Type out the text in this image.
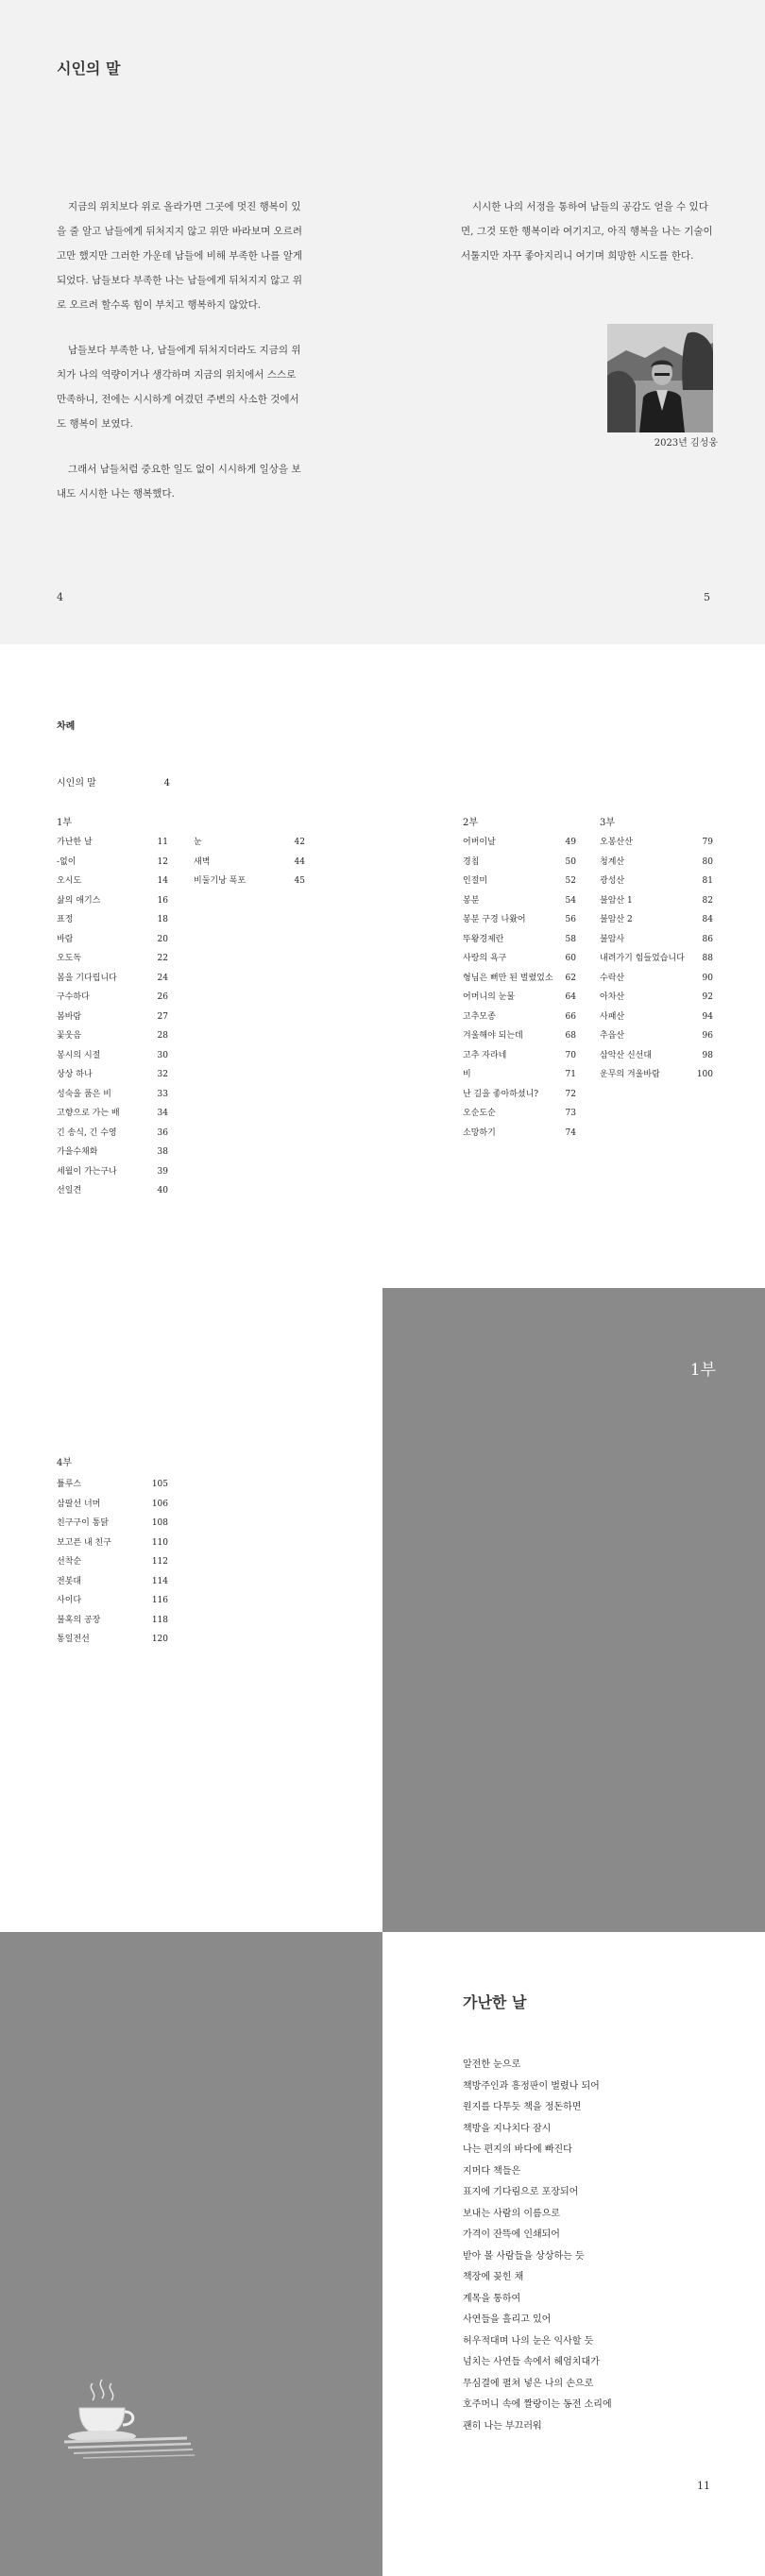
시인의 말

지금의 위치보다 위로 올라가면 그곳에 멋진 행복이 있을 줄 알고 남들에게 뒤처지지 않고 위만 바라보며 오르려고만 했지만 그러한 가운데 남들에 비해 부족한 나를 알게 되었다. 남들보다 부족한 나는 남들에게 뒤처지지 않고 위로 오르려 할수록 힘이 부치고 행복하지 않았다.

남들보다 부족한 나, 남들에게 뒤처지더라도 지금의 위치가 나의 역량이거나 생각하며 지금의 위치에서 스스로 만족하니, 전에는 시시하게 여겼던 주변의 사소한 것에서도 행복이 보였다.

그래서 남들처럼 중요한 일도 없이 시시하게 일상을 보내도 시시한 나는 행복했다.

시시한 나의 서정을 통하여 남들의 공감도 얻을 수 있다면, 그것 또한 행복이라 여기지고, 아직 행복을 나는 기술이 서툴지만 자꾸 좋아지리니 여기며 희망한 시도를 한다.

2023년 김성웅
4	5
차례
시인의 말	4
1부
가난한 날	11
-없이	12
오시도	14
삶의 애기스	16
표정	18
바람	20
오도독	22
봄을 기다립니다	24
구수하다	26
봄바람	27
꽃웃음	28
봉시의 시절	30
상상 하나	32
성숙을 품은 비	33
고향으로 가는 배	34
긴 송식, 긴 수영	36
가을수채화	38
세월이 가는구나	39
선일견	40
눈	42
새벽	44
비둘기낭 폭포	45
2부
어버이날	49
경칩	50
인절미	52
봉분	54
봉분 구경 나왔어	56
뚜왕경제란	58
사랑의 욕구	60
형님은 뻐만 된 벌렸었소	62
어머니의 눈물	64
고추모종	66
겨울해야 되는데	68
고추 자라네	70
비	71
난 길을 좋아하셨니?	72
오순도순	73
소망하기	74
3부
오봉산산	79
청계산	80
광성산	81
불암산 1	82
불암산 2	84
불암사	86
내려가기 힘들었습니다	88
수락산	90
아차산	92
사패산	94
추읍산	96
삼악산 신선대	98
운무의 겨울바람	100
4부
튤루스	105
삼팔선 너머	106
친구구이 통닭	108
보고픈 내 친구	110
선착순	112
전봇대	114
사이다	116
불혹의 공장	118
통일전선	120
1부
가난한 날
알전한 눈으로
책방주인과 흥정판이 벌렸나 되어
원지를 다투듯 책을 정돈하면
책방을 지나치다 잠시
나는 편지의 바다에 빠진다
지머다 책들은
표지에 기다림으로 포장되어
보내는 사람의 이름으로
가격이 잔뜩에 인쇄되어
받아 볼 사람들을 상상하는 듯
책장에 꽂힌 채
계목을 통하여
사연들을 흘리고 있어
허우적대며 나의 눈은 익사할 듯
넘치는 사연들 속에서 헤엄치대가
무심결에 펼쳐 넣은 나의 손으로
호주머니 속에 짤랑이는 동전 소리에
괜히 나는 부끄러워
11
